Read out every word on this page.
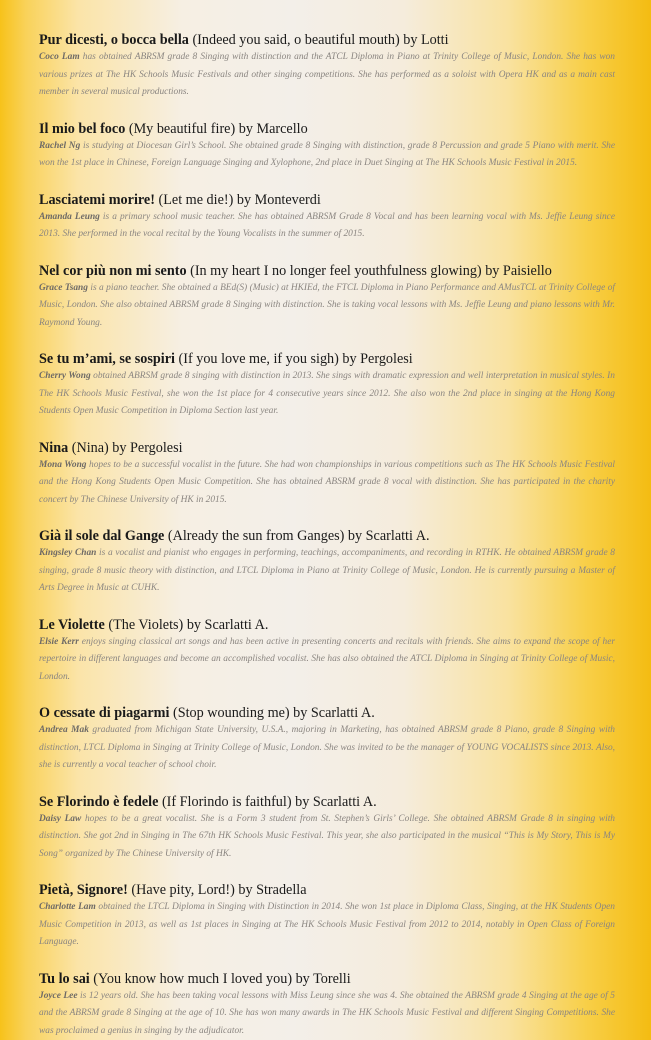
Pur dicesti, o bocca bella (Indeed you said, o beautiful mouth) by Lotti

Coco Lam has obtained ABRSM grade 8 Singing with distinction and the ATCL Diploma in Piano at Trinity College of Music, London. She has won various prizes at The HK Schools Music Festivals and other singing competitions. She has performed as a soloist with Opera HK and as a main cast member in several musical productions.

Il mio bel foco (My beautiful fire) by Marcello

Rachel Ng is studying at Diocesan Girl’s School. She obtained grade 8 Singing with distinction, grade 8 Percussion and grade 5 Piano with merit. She won the 1st place in Chinese, Foreign Language Singing and Xylophone, 2nd place in Duet Singing at The HK Schools Music Festival in 2015.

Lasciatemi morire! (Let me die!) by Monteverdi

Amanda Leung is a primary school music teacher. She has obtained ABRSM Grade 8 Vocal and has been learning vocal with Ms. Jeffie Leung since 2013. She performed in the vocal recital by the Young Vocalists in the summer of 2015.

Nel cor più non mi sento (In my heart I no longer feel youthfulness glowing) by Paisiello

Grace Tsang is a piano teacher. She obtained a BEd(S) (Music) at HKIEd, the FTCL Diploma in Piano Performance and AMusTCL at Trinity College of Music, London. She also obtained ABRSM grade 8 Singing with distinction. She is taking vocal lessons with Ms. Jeffie Leung and piano lessons with Mr. Raymond Young.

Se tu m’ami, se sospiri (If you love me, if you sigh) by Pergolesi

Cherry Wong obtained ABRSM grade 8 singing with distinction in 2013. She sings with dramatic expression and well interpretation in musical styles. In The HK Schools Music Festival, she won the 1st place for 4 consecutive years since 2012. She also won the 2nd place in singing at the Hong Kong Students Open Music Competition in Diploma Section last year.

Nina (Nina) by Pergolesi

Mona Wong hopes to be a successful vocalist in the future. She had won championships in various competitions such as The HK Schools Music Festival and the Hong Kong Students Open Music Competition. She has obtained ABSRM grade 8 vocal with distinction. She has participated in the charity concert by The Chinese University of HK in 2015.

Già il sole dal Gange (Already the sun from Ganges) by Scarlatti A.

Kingsley Chan is a vocalist and pianist who engages in performing, teachings, accompaniments, and recording in RTHK. He obtained ABRSM grade 8 singing, grade 8 music theory with distinction, and LTCL Diploma in Piano at Trinity College of Music, London. He is currently pursuing a Master of Arts Degree in Music at CUHK.

Le Violette (The Violets) by Scarlatti A.

Elsie Kerr enjoys singing classical art songs and has been active in presenting concerts and recitals with friends. She aims to expand the scope of her repertoire in different languages and become an accomplished vocalist. She has also obtained the ATCL Diploma in Singing at Trinity College of Music, London.

O cessate di piagarmi (Stop wounding me) by Scarlatti A.

Andrea Mak graduated from Michigan State University, U.S.A., majoring in Marketing, has obtained ABRSM grade 8 Piano, grade 8 Singing with distinction, LTCL Diploma in Singing at Trinity College of Music, London. She was invited to be the manager of YOUNG VOCALISTS since 2013. Also, she is currently a vocal teacher of school choir.

Se Florindo è fedele (If Florindo is faithful) by Scarlatti A.

Daisy Law hopes to be a great vocalist. She is a Form 3 student from St. Stephen’s Girls’ College. She obtained ABRSM Grade 8 in singing with distinction. She got 2nd in Singing in The 67th HK Schools Music Festival. This year, she also participated in the musical “This is My Story, This is My Song” organized by The Chinese University of HK.

Pietà, Signore! (Have pity, Lord!) by Stradella

Charlotte Lam obtained the LTCL Diploma in Singing with Distinction in 2014. She won 1st place in Diploma Class, Singing, at the HK Students Open Music Competition in 2013, as well as 1st places in Singing at The HK Schools Music Festival from 2012 to 2014, notably in Open Class of Foreign Language.

Tu lo sai (You know how much I loved you) by Torelli

Joyce Lee is 12 years old. She has been taking vocal lessons with Miss Leung since she was 4. She obtained the ABRSM grade 4 Singing at the age of 5 and the ABRSM grade 8 Singing at the age of 10. She has won many awards in The HK Schools Music Festival and different Singing Competitions. She was proclaimed a genius in singing by the adjudicator.
